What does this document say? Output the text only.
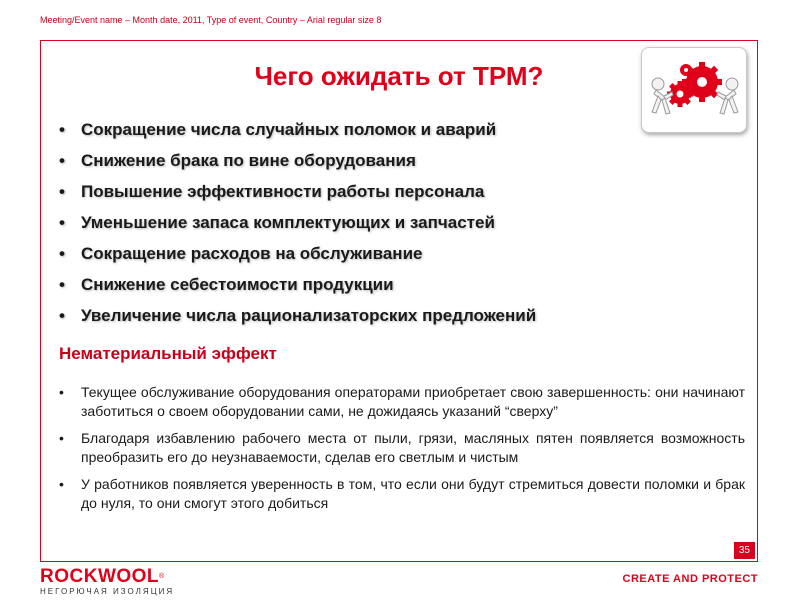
Meeting/Event name – Month date, 2011, Type of event, Country – Arial regular size 8
Чего ожидать от ТРМ?
• Сокращение числа случайных поломок и аварий
• Снижение брака по вине оборудования
• Повышение эффективности работы персонала
• Уменьшение запаса комплектующих и запчастей
• Сокращение расходов на обслуживание
• Снижение себестоимости продукции
• Увеличение числа рационализаторских предложений
Нематериальный эффект
• Текущее обслуживание оборудования операторами приобретает свою завершенность: они начинают заботиться о своем оборудовании сами, не дожидаясь указаний “сверху”
• Благодаря избавлению рабочего места от пыли, грязи, масляных пятен появляется возможность преобразить его до неузнаваемости, сделав его светлым и чистым
• У работников появляется уверенность в том, что если они будут стремиться довести поломки и брак до нуля, то они смогут этого добиться
35
ROCKWOOL®
НЕГОРЮЧАЯ ИЗОЛЯЦИЯ
CREATE AND PROTECT
